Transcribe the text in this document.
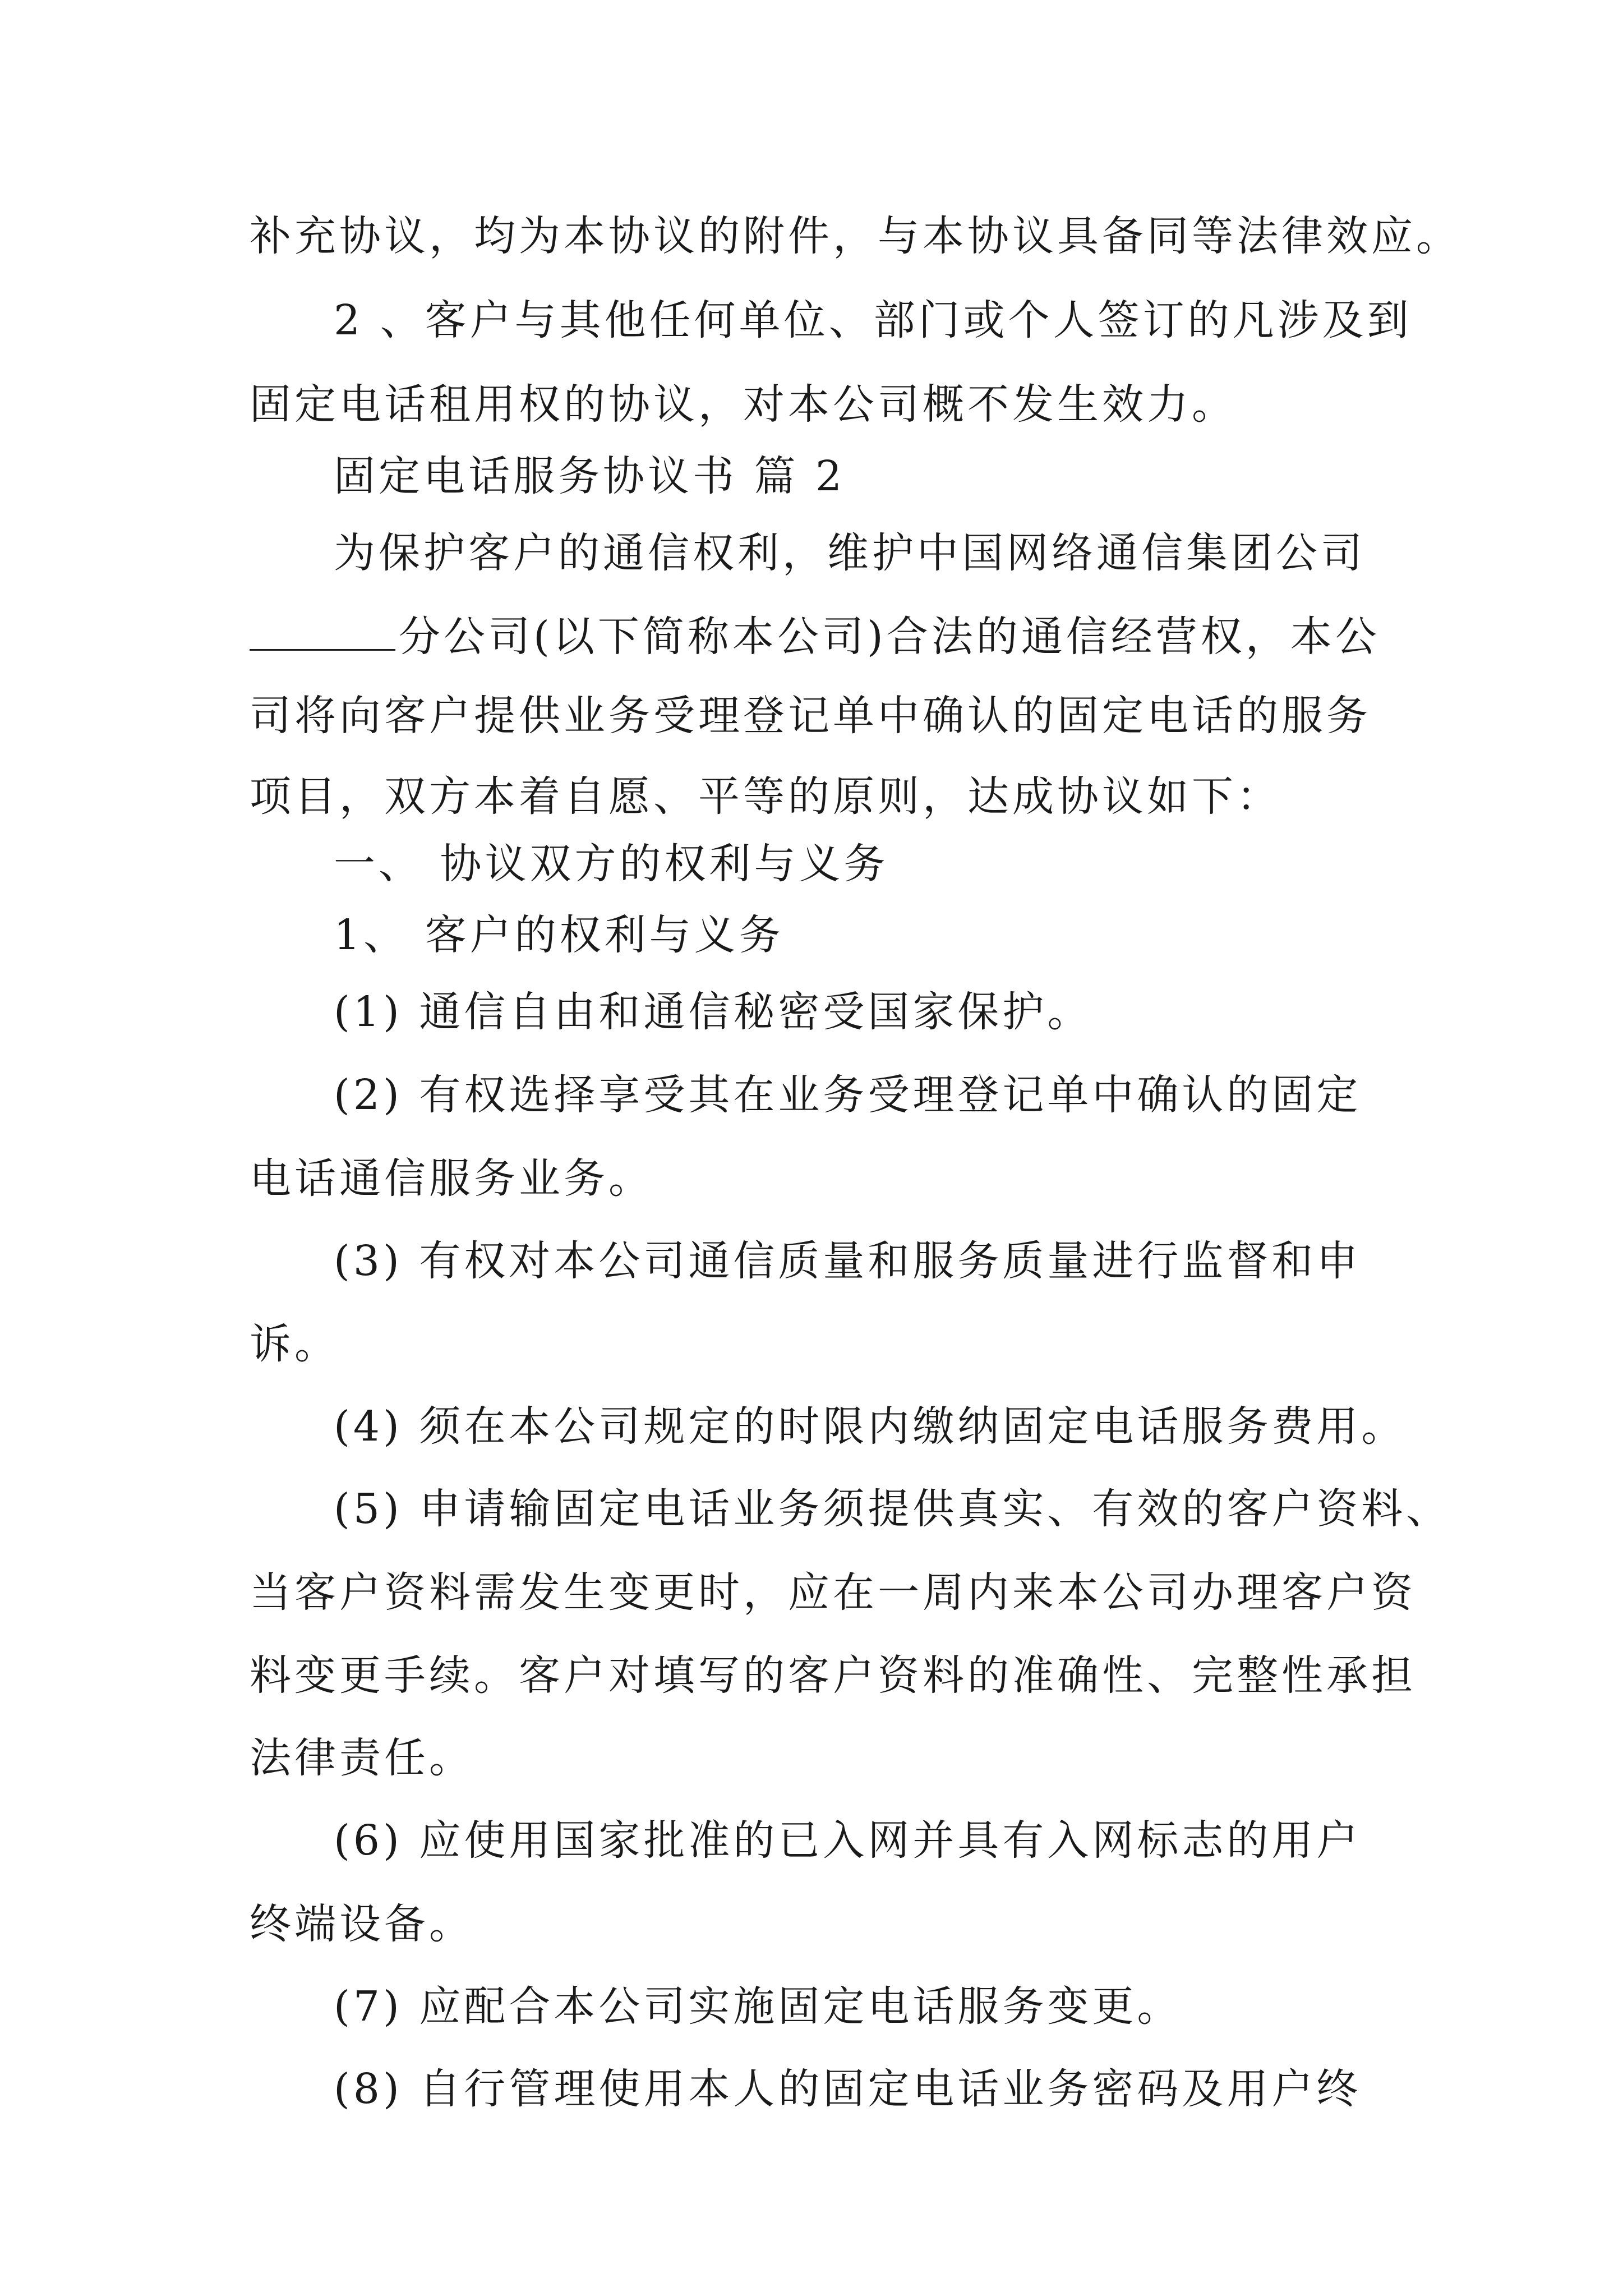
补充协议，均为本协议的附件，与本协议具备同等法律效应。
2 、客户与其他任何单位、部门或个人签订的凡涉及到
固定电话租用权的协议，对本公司概不发生效力。
固定电话服务协议书 篇 2
为保护客户的通信权利，维护中国网络通信集团公司
分公司(以下简称本公司)合法的通信经营权，本公
司将向客户提供业务受理登记单中确认的固定电话的服务
项目，双方本着自愿、平等的原则，达成协议如下：
一、 协议双方的权利与义务
1、 客户的权利与义务
(1) 通信自由和通信秘密受国家保护。
(2) 有权选择享受其在业务受理登记单中确认的固定
电话通信服务业务。
(3) 有权对本公司通信质量和服务质量进行监督和申
诉。
(4) 须在本公司规定的时限内缴纳固定电话服务费用。
(5) 申请输固定电话业务须提供真实、有效的客户资料、
当客户资料需发生变更时，应在一周内来本公司办理客户资
料变更手续。客户对填写的客户资料的准确性、完整性承担
法律责任。
(6) 应使用国家批准的已入网并具有入网标志的用户
终端设备。
(7) 应配合本公司实施固定电话服务变更。
(8) 自行管理使用本人的固定电话业务密码及用户终
